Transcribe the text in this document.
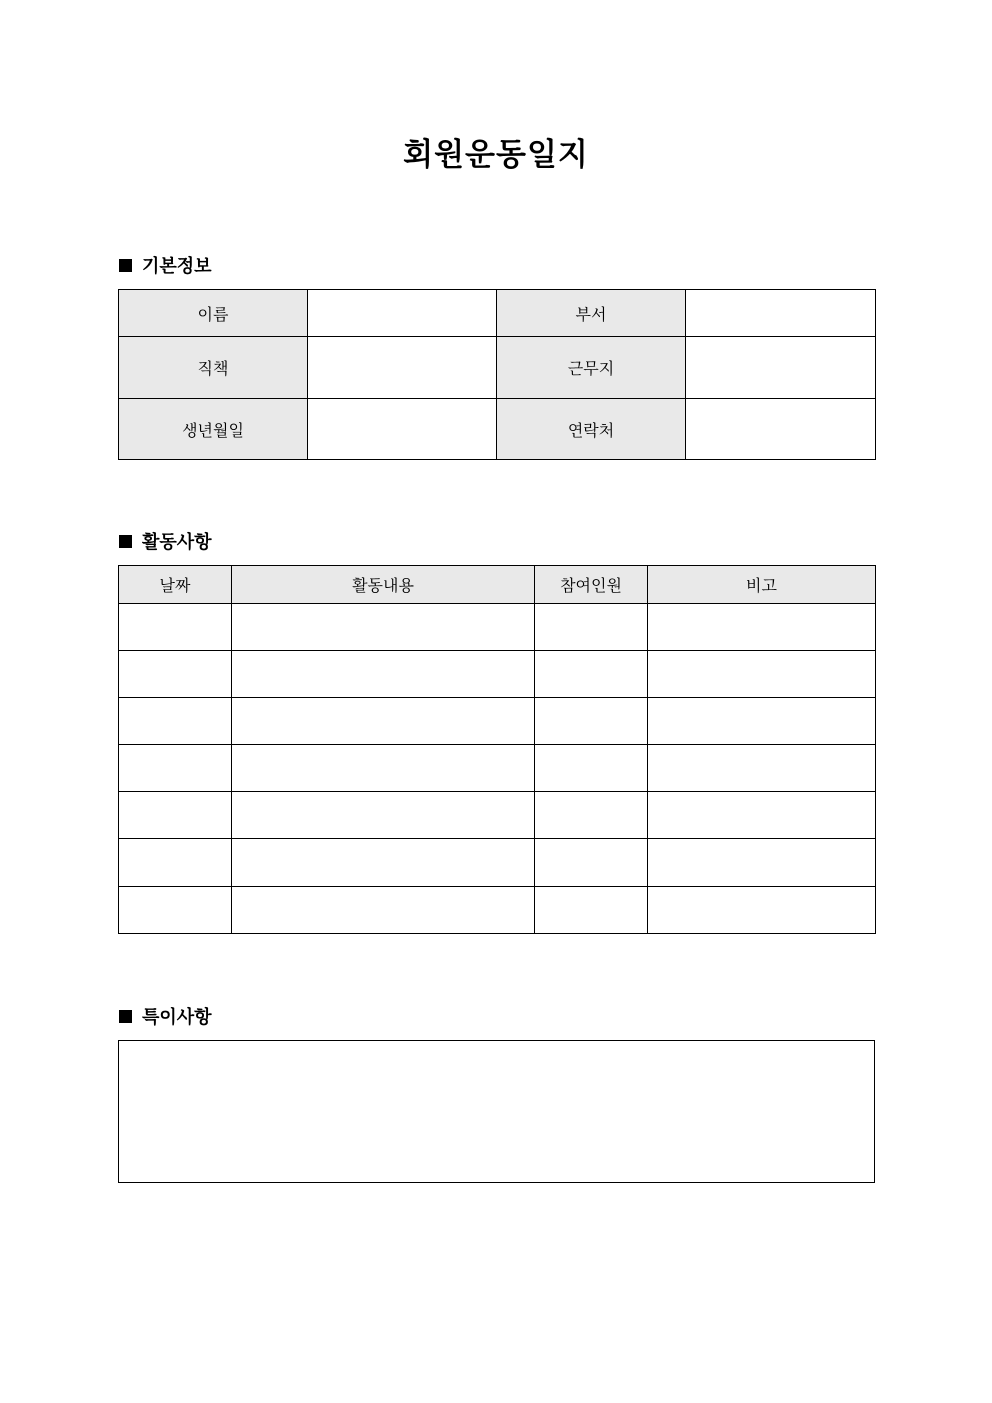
회원운동일지
기본정보
이름		부서	
직책		근무지	
생년월일		연락처	
활동사항
날짜	활동내용	참여인원	비고

특이사항
